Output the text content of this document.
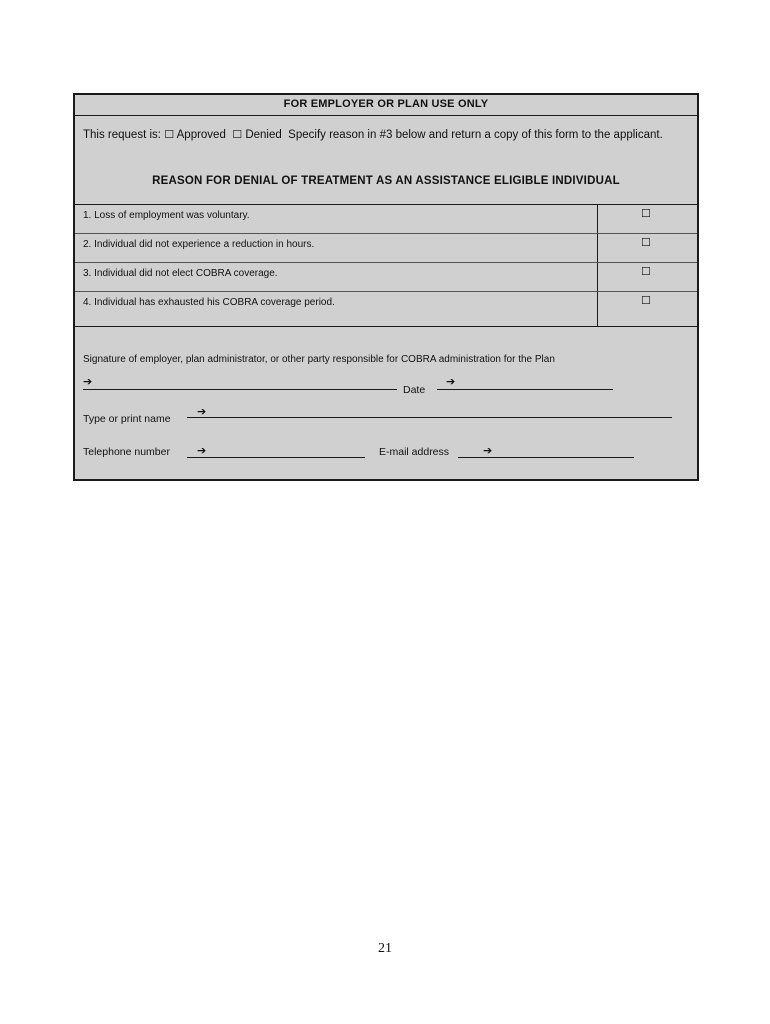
FOR EMPLOYER OR PLAN USE ONLY
This request is: ☐ Approved ☐ Denied Specify reason in #3 below and return a copy of this form to the applicant.
REASON FOR DENIAL OF TREATMENT AS AN ASSISTANCE ELIGIBLE INDIVIDUAL
1. Loss of employment was voluntary.	☐
2. Individual did not experience a reduction in hours.	☐
3. Individual did not elect COBRA coverage.	☐
4. Individual has exhausted his COBRA coverage period.	☐
Signature of employer, plan administrator, or other party responsible for COBRA administration for the Plan
➔
Date
➔
Type or print name
➔
Telephone number ➔	E-mail address	➔
21
